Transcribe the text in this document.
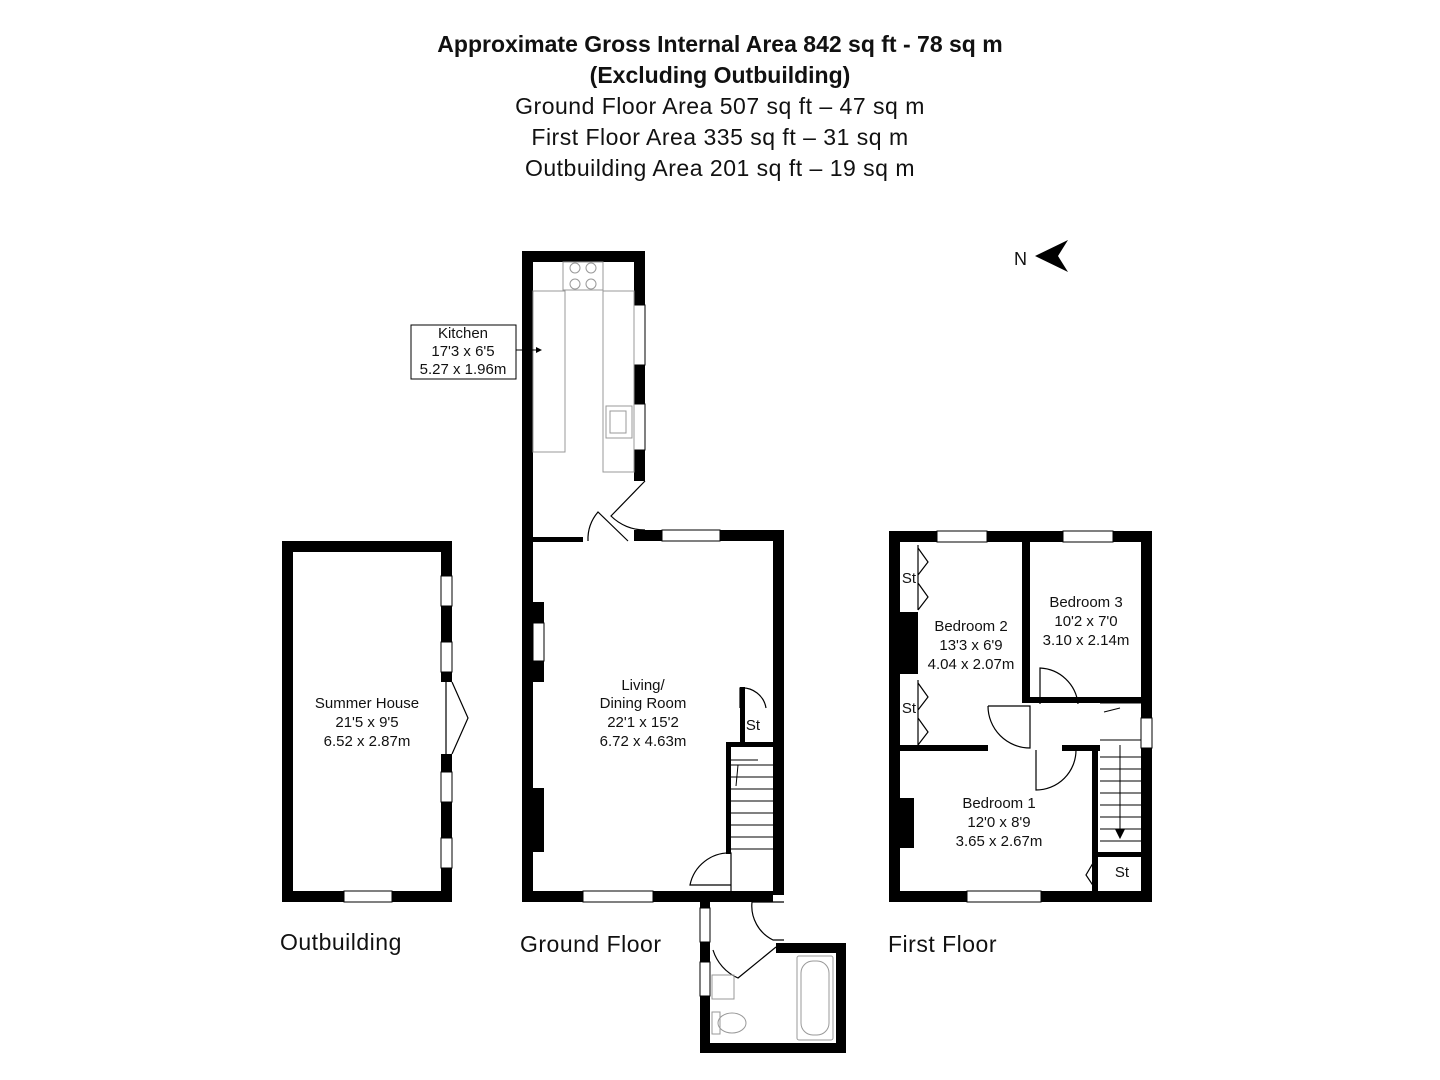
Approximate Gross Internal Area 842 sq ft - 78 sq m
(Excluding Outbuilding)
Ground Floor Area 507 sq ft – 47 sq m
First Floor Area 335 sq ft – 31 sq m
Outbuilding Area 201 sq ft – 19 sq m
Kitchen
17'3 x 6'5
5.27 x 1.96m
Living/
Dining Room
22'1 x 15'2
6.72 x 4.63m
Summer House
21'5 x 9'5
6.52 x 2.87m
Bedroom 1
12'0 x 8'9
3.65 x 2.67m
Bedroom 2
13'3 x 6'9
4.04 x 2.07m
Bedroom 3
10'2 x 7'0
3.10 x 2.14m
St
St
St
St
N
Outbuilding	Ground Floor	First Floor
